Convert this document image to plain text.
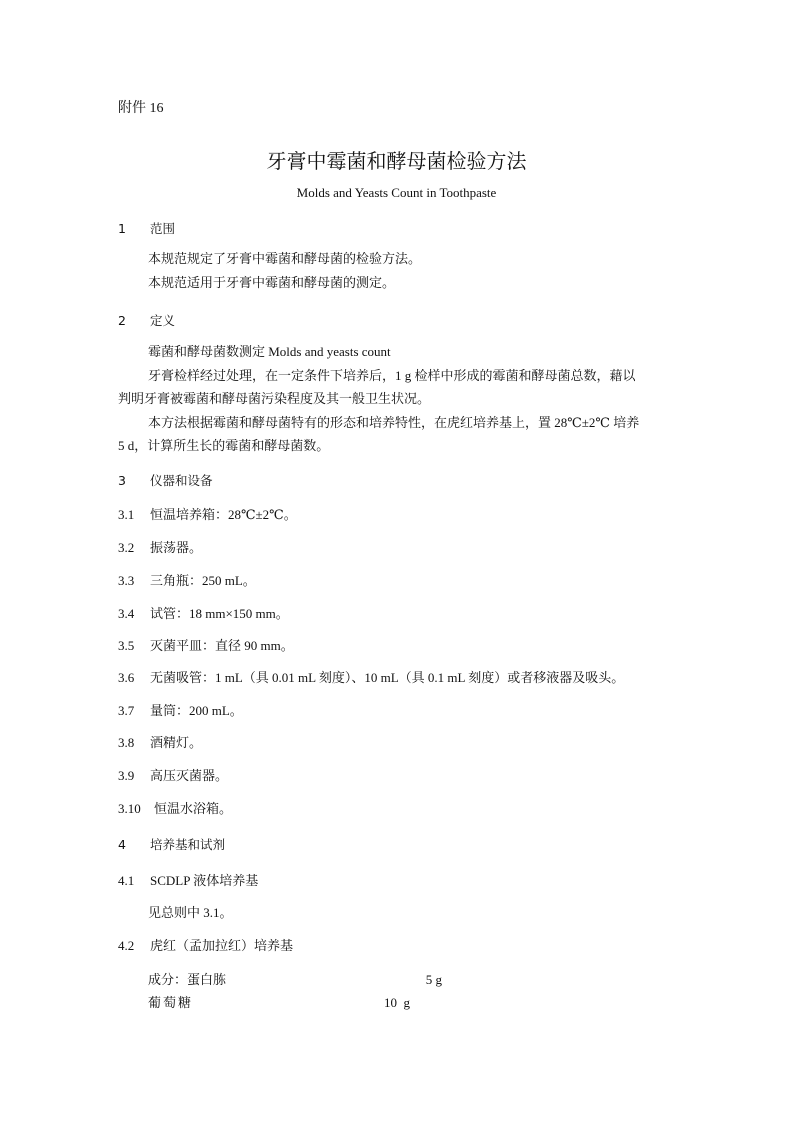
附件 16
牙膏中霉菌和酵母菌检验方法
Molds and Yeasts Count in Toothpaste
1 范围
本规范规定了牙膏中霉菌和酵母菌的检验方法。
本规范适用于牙膏中霉菌和酵母菌的测定。
2 定义
霉菌和酵母菌数测定 Molds and yeasts count
牙膏检样经过处理，在一定条件下培养后，1 g 检样中形成的霉菌和酵母菌总数，藉以
判明牙膏被霉菌和酵母菌污染程度及其一般卫生状况。
本方法根据霉菌和酵母菌特有的形态和培养特性，在虎红培养基上，置 28℃±2℃ 培养
5 d，计算所生长的霉菌和酵母菌数。
3 仪器和设备
3.1 恒温培养箱：28℃±2℃。
3.2 振荡器。
3.3 三角瓶：250 mL。
3.4 试管：18 mm×150 mm。
3.5 灭菌平皿：直径 90 mm。
3.6 无菌吸管：1 mL（具 0.01 mL 刻度）、10 mL（具 0.1 mL 刻度）或者移液器及吸头。
3.7 量筒：200 mL。
3.8 酒精灯。
3.9 高压灭菌器。
3.10 恒温水浴箱。
4 培养基和试剂
4.1 SCDLP 液体培养基
见总则中 3.1。
4.2 虎红（孟加拉红）培养基
成分：蛋白胨	5 g
葡萄糖	10  g
